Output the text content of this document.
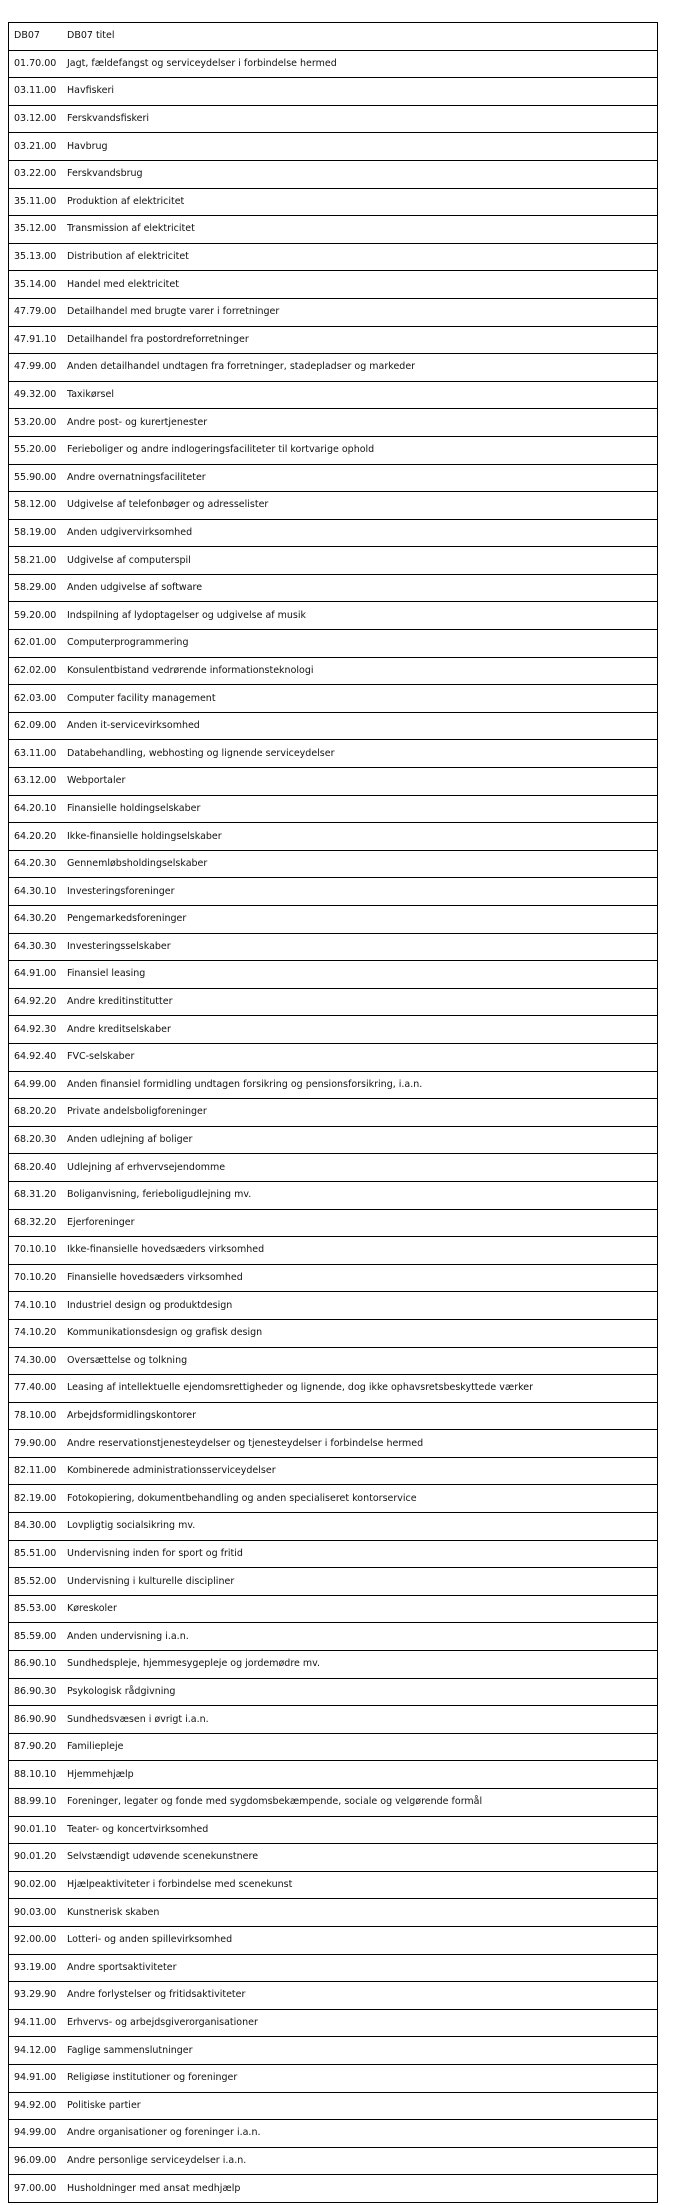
DB07	DB07 titel
01.70.00	Jagt, fældefangst og serviceydelser i forbindelse hermed
03.11.00	Havfiskeri
03.12.00	Ferskvandsfiskeri
03.21.00	Havbrug
03.22.00	Ferskvandsbrug
35.11.00	Produktion af elektricitet
35.12.00	Transmission af elektricitet
35.13.00	Distribution af elektricitet
35.14.00	Handel med elektricitet
47.79.00	Detailhandel med brugte varer i forretninger
47.91.10	Detailhandel fra postordreforretninger
47.99.00	Anden detailhandel undtagen fra forretninger, stadepladser og markeder
49.32.00	Taxikørsel
53.20.00	Andre post- og kurertjenester
55.20.00	Ferieboliger og andre indlogeringsfaciliteter til kortvarige ophold
55.90.00	Andre overnatningsfaciliteter
58.12.00	Udgivelse af telefonbøger og adresselister
58.19.00	Anden udgivervirksomhed
58.21.00	Udgivelse af computerspil
58.29.00	Anden udgivelse af software
59.20.00	Indspilning af lydoptagelser og udgivelse af musik
62.01.00	Computerprogrammering
62.02.00	Konsulentbistand vedrørende informationsteknologi
62.03.00	Computer facility management
62.09.00	Anden it-servicevirksomhed
63.11.00	Databehandling, webhosting og lignende serviceydelser
63.12.00	Webportaler
64.20.10	Finansielle holdingselskaber
64.20.20	Ikke-finansielle holdingselskaber
64.20.30	Gennemløbsholdingselskaber
64.30.10	Investeringsforeninger
64.30.20	Pengemarkedsforeninger
64.30.30	Investeringsselskaber
64.91.00	Finansiel leasing
64.92.20	Andre kreditinstitutter
64.92.30	Andre kreditselskaber
64.92.40	FVC-selskaber
64.99.00	Anden finansiel formidling undtagen forsikring og pensionsforsikring, i.a.n.
68.20.20	Private andelsboligforeninger
68.20.30	Anden udlejning af boliger
68.20.40	Udlejning af erhvervsejendomme
68.31.20	Boliganvisning, ferieboligudlejning mv.
68.32.20	Ejerforeninger
70.10.10	Ikke-finansielle hovedsæders virksomhed
70.10.20	Finansielle hovedsæders virksomhed
74.10.10	Industriel design og produktdesign
74.10.20	Kommunikationsdesign og grafisk design
74.30.00	Oversættelse og tolkning
77.40.00	Leasing af intellektuelle ejendomsrettigheder og lignende, dog ikke ophavsretsbeskyttede værker
78.10.00	Arbejdsformidlingskontorer
79.90.00	Andre reservationstjenesteydelser og tjenesteydelser i forbindelse hermed
82.11.00	Kombinerede administrationsserviceydelser
82.19.00	Fotokopiering, dokumentbehandling og anden specialiseret kontorservice
84.30.00	Lovpligtig socialsikring mv.
85.51.00	Undervisning inden for sport og fritid
85.52.00	Undervisning i kulturelle discipliner
85.53.00	Køreskoler
85.59.00	Anden undervisning i.a.n.
86.90.10	Sundhedspleje, hjemmesygepleje og jordemødre mv.
86.90.30	Psykologisk rådgivning
86.90.90	Sundhedsvæsen i øvrigt i.a.n.
87.90.20	Familiepleje
88.10.10	Hjemmehjælp
88.99.10	Foreninger, legater og fonde med sygdomsbekæmpende, sociale og velgørende formål
90.01.10	Teater- og koncertvirksomhed
90.01.20	Selvstændigt udøvende scenekunstnere
90.02.00	Hjælpeaktiviteter i forbindelse med scenekunst
90.03.00	Kunstnerisk skaben
92.00.00	Lotteri- og anden spillevirksomhed
93.19.00	Andre sportsaktiviteter
93.29.90	Andre forlystelser og fritidsaktiviteter
94.11.00	Erhvervs- og arbejdsgiverorganisationer
94.12.00	Faglige sammenslutninger
94.91.00	Religiøse institutioner og foreninger
94.92.00	Politiske partier
94.99.00	Andre organisationer og foreninger i.a.n.
96.09.00	Andre personlige serviceydelser i.a.n.
97.00.00	Husholdninger med ansat medhjælp
